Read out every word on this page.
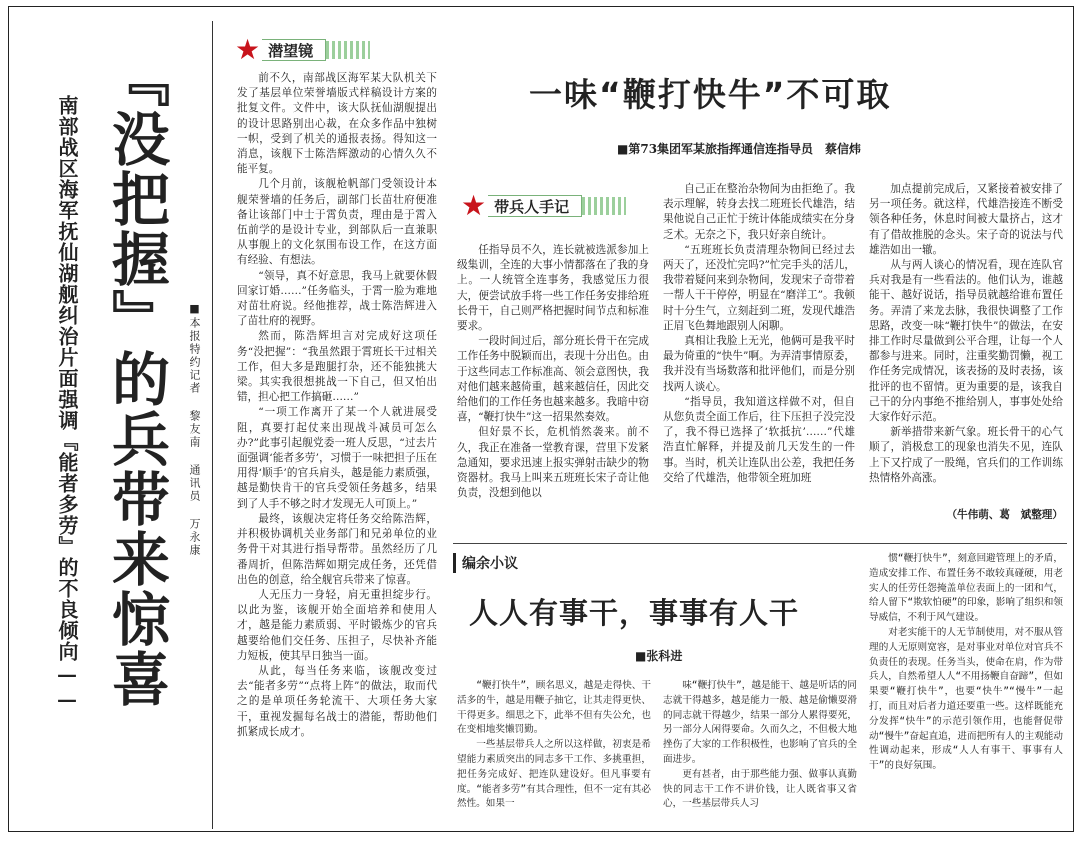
『没把握』的兵带来惊喜
南部战区海军抚仙湖舰纠治片面强调『能者多劳』的不良倾向——	■本报特约记者 黎友南 通讯员 万永康
★ 潜望镜

前不久，南部战区海军某大队机关下发了基层单位荣誉墙版式样稿设计方案的批复文件。文件中，该大队抚仙湖舰提出的设计思路别出心裁，在众多作品中独树一帜，受到了机关的通报表扬。得知这一消息，该舰下士陈浩辉激动的心情久久不能平复。

几个月前，该舰枪帆部门受领设计本舰荣誉墙的任务后，副部门长苗壮府便准备让该部门中士于霄负责，理由是于霄入伍前学的是设计专业，到部队后一直兼职从事舰上的文化氛围布设工作，在这方面有经验、有想法。

“领导，真不好意思，我马上就要休假回家订婚……”任务临头，于霄一脸为难地对苗壮府说。经他推荐，战士陈浩辉进入了苗壮府的视野。

然而，陈浩辉坦言对完成好这项任务“没把握”：“我虽然跟于霄班长干过相关工作，但大多是跑腿打杂，还不能独挑大梁。其实我很想挑战一下自己，但又怕出错，担心把工作搞砸……”

“一项工作离开了某一个人就进展受阻，真要打起仗来出现战斗减员可怎么办?”此事引起舰党委一班人反思，“过去片面强调‘能者多劳’，习惯于一味把担子压在用得‘顺手’的官兵肩头，越是能力素质强，越是勤快肯干的官兵受领任务越多，结果到了人手不够之时才发现无人可顶上。”

最终，该舰决定将任务交给陈浩辉，并积极协调机关业务部门和兄弟单位的业务骨干对其进行指导帮带。虽然经历了几番周折，但陈浩辉如期完成任务，还凭借出色的创意，给全舰官兵带来了惊喜。

人无压力一身轻，肩无重担绽步行。以此为鉴，该舰开始全面培养和使用人才，越是能力素质弱、平时锻炼少的官兵越要给他们交任务、压担子，尽快补齐能力短板，使其早日独当一面。

从此，每当任务来临，该舰改变过去“能者多劳”“点将上阵”的做法，取而代之的是单项任务轮流干、大项任务大家干，重视发掘每名战士的潜能，帮助他们抓紧成长成才。

一味“鞭打快牛”不可取
■第73集团军某旅指挥通信连指导员　蔡信炜
★ 带兵人手记

任指导员不久，连长就被选派参加上级集训，全连的大事小情都落在了我的身上。一人统管全连事务，我感觉压力很大，便尝试放手将一些工作任务安排给班长骨干，自己则严格把握时间节点和标准要求。

一段时间过后，部分班长骨干在完成工作任务中脱颖而出，表现十分出色。由于这些同志工作标准高、领会意图快，我对他们越来越倚重，越来越信任，因此交给他们的工作任务也越来越多。我暗中窃喜，“鞭打快牛”这一招果然奏效。

但好景不长，危机悄然袭来。前不久，我正在准备一堂教育课，营里下发紧急通知，要求迅速上报实弹射击缺少的物资器材。我马上叫来五班班长宋子奇让他负责，没想到他以

自己正在整治杂物间为由拒绝了。我表示理解，转身去找二班班长代雄浩，结果他说自己正忙于统计体能成绩实在分身乏术。无奈之下，我只好亲自统计。

“五班班长负责清理杂物间已经过去两天了，还没忙完吗?”忙完手头的活儿，我带着疑问来到杂物间，发现宋子奇带着一帮人干干停停，明显在“磨洋工”。我顿时十分生气，立刻赶到二班，发现代雄浩正眉飞色舞地跟别人闲聊。

真相让我脸上无光，他俩可是我平时最为倚重的“快牛”啊。为弄清事情原委，我并没有当场数落和批评他们，而是分别找两人谈心。

“指导员，我知道这样做不对，但自从您负责全面工作后，往下压担子没完没了，我不得已选择了‘软抵抗’……”代雄浩直忙解释，并提及前几天发生的一件事。当时，机关让连队出公差，我把任务交给了代雄浩，他带领全班加班

加点提前完成后，又紧接着被安排了另一项任务。就这样，代雄浩接连不断受领各种任务，休息时间被大量挤占，这才有了借故推脱的念头。宋子奇的说法与代雄浩如出一辙。

从与两人谈心的情况看，现在连队官兵对我是有一些看法的。他们认为，谁越能干、越好说话，指导员就越给谁布置任务。弄清了来龙去脉，我很快调整了工作思路，改变一味“鞭打快牛”的做法，在安排工作时尽量做到公平合理，让每一个人都参与进来。同时，注重奖勤罚懒，视工作任务完成情况，该表扬的及时表扬，该批评的也不留情。更为重要的是，该我自己干的分内事绝不推给别人，事事处处给大家作好示范。

新举措带来新气象。班长骨干的心气顺了，消极怠工的现象也消失不见，连队上下又拧成了一股绳，官兵们的工作训练热情格外高涨。

（牛伟萌、葛　斌整理）
编余小议
人人有事干，事事有人干
■张科进

“鞭打快牛”，顾名思义，越是走得快、干活多的牛，越是用鞭子抽它，让其走得更快、干得更多。细思之下，此举不但有失公允，也在变相地奖懒罚勤。

一些基层带兵人之所以这样做，初衷是希望能力素质突出的同志多干工作、多挑重担，把任务完成好、把连队建设好。但凡事要有度。“能者多劳”有其合理性，但不一定有其必然性。如果一

味“鞭打快牛”，越是能干、越是听话的同志就干得越多，越是能力一般、越是偷懒耍滑的同志就干得越少，结果一部分人累得要死，另一部分人闲得要命。久而久之，不但极大地挫伤了大家的工作积极性，也影响了官兵的全面进步。

更有甚者，由于那些能力强、做事认真勤快的同志干工作不讲价钱，让人既省事又省心，一些基层带兵人习

惯“鞭打快牛”，刻意回避管理上的矛盾，造成安排工作、布置任务不敢较真碰硬，用老实人的任劳任怨掩盖单位表面上的一团和气，给人留下“欺软怕硬”的印象，影响了组织和领导威信，不利于风气建设。

对老实能干的人无节制使用，对不服从管理的人无原则宽容，是对事业对单位对官兵不负责任的表现。任务当头，使命在肩，作为带兵人，自然希望人人“不用扬鞭自奋蹄”，但如果要“鞭打快牛”，也要“快牛”“慢牛”一起打，而且对后者力道还要重一些。这样既能充分发挥“快牛”的示范引领作用，也能督促带动“慢牛”奋起直追，进而把所有人的主观能动性调动起来，形成“人人有事干、事事有人干”的良好氛围。
